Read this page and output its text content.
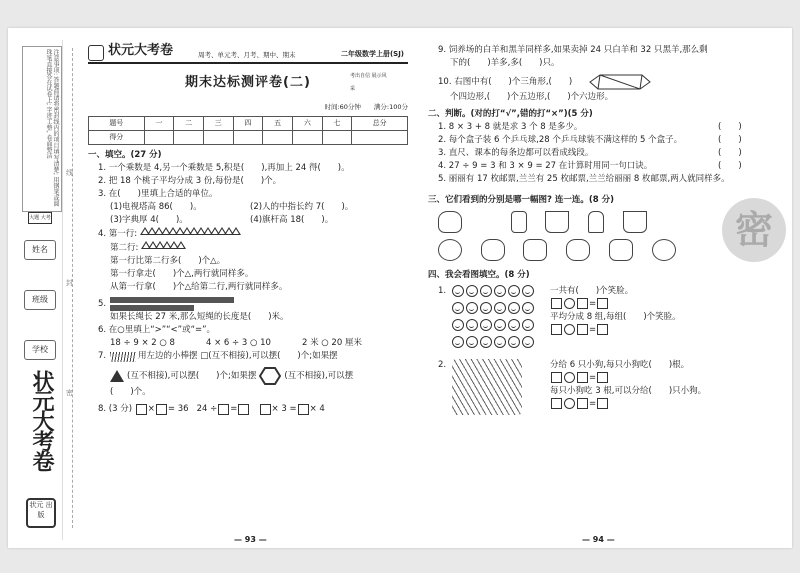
注意事项: 答题前请将密封线内的项目填写清楚; 用钢笔或圆珠笔直接答在试卷上; 字迹工整, 卷面整洁
姓名
班级
学校
状元大考卷
状元 出版
大题 大考
线
封
密
状元大考卷	周考、单元考、月考、期中、期末	二年级数学上册(SJ)
期末达标测评卷(二)	考出自信 展示风采
时间:60分钟　　满分:100分
题号	一	二	三	四	五	六	七	总分
得分								
一、填空。(27 分)
1. 一个乘数是 4,另一个乘数是 5,积是(　　),再加上 24 得(　　)。
2. 把 18 个桃子平均分成 3 份,每份是(　　)个。
3. 在(　　)里填上合适的单位。
(1)电视塔高 86(　　)。	(2)人的中指长约 7(　　)。
(3)字典厚 4(　　)。	(4)旗杆高 18(　　)。
4. 第一行:
第二行:
第一行比第二行多(　　)个△。
第一行拿走(　　)个△,两行就同样多。
从第一行拿(　　)个△给第二行,两行就同样多。
5.
如果长绳长 27 米,那么短绳的长度是(　　)米。
6. 在○里填上“>”“<”或“=”。
18 ÷ 9 × 2 ○ 8	4 × 6 ÷ 3 ○ 10	2 米 ○ 20 厘米
7.	用左边的小棒摆 □(互不相接),可以摆(　　)个;如果摆
(互不相接),可以摆(　　)个;如果摆	(互不相接),可以摆
(　　)个。
8. (3 分)
× = 36
24 ÷ =
	× 3 = × 4
— 93 —
9. 饲养场的白羊和黑羊同样多,如果卖掉 24 只白羊和 32 只黑羊,那么剩
下的(　　)羊多,多(　　)只。
10. 右图中有(　　)个三角形,(　　)
个四边形,(　　)个五边形,(　　)个六边形。
二、判断。(对的打“√”,错的打“×”)(5 分)
1. 8 × 3 + 8 就是求 3 个 8 是多少。	(　　)
2. 每个盒子装 6 个乒乓球,28 个乒乓球装不满这样的 5 个盒子。	(　　)
3. 直尺、课本的每条边都可以看成线段。	(　　)
4. 27 ÷ 9 = 3 和 3 × 9 = 27 在计算时用同一句口诀。	(　　)
5. 丽丽有 17 枚邮票,兰兰有 25 枚邮票,兰兰给丽丽 8 枚邮票,两人就同样多。
三、它们看到的分别是哪一幅图? 连一连。(8 分)

四、我会看图填空。(8 分)
1.	一共有(　　)个笑脸。
=
平均分成 8 组,每组(　　)个笑脸。
=
2.	分给 6 只小狗,每只小狗吃(　　)根。
=
每只小狗吃 3 根,可以分给(　　)只小狗。
=
密
— 94 —
